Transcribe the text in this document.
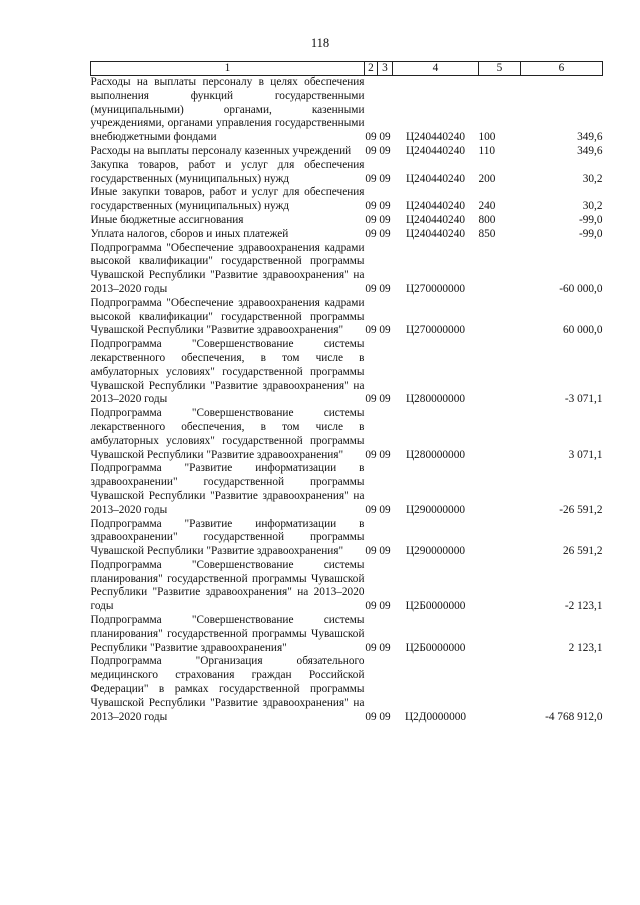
118
1	2	3	4	5	6
Расходы на выплаты персоналу в целях обеспечения выполнения функций государственными (муниципальными) органами, казенными учреждениями, органами управления государственными внебюджетными фондами	09	09	Ц240440240	100	349,6
Расходы на выплаты персоналу казенных учреждений	09	09	Ц240440240	110	349,6
Закупка товаров, работ и услуг для обеспечения государственных (муниципальных) нужд	09	09	Ц240440240	200	30,2
Иные закупки товаров, работ и услуг для обеспечения государственных (муниципальных) нужд	09	09	Ц240440240	240	30,2
Иные бюджетные ассигнования	09	09	Ц240440240	800	-99,0
Уплата налогов, сборов и иных платежей	09	09	Ц240440240	850	-99,0
Подпрограмма "Обеспечение здравоохранения кадрами высокой квалификации" государственной программы Чувашской Республики "Развитие здравоохранения" на 2013–2020 годы	09	09	Ц270000000		-60 000,0
Подпрограмма "Обеспечение здравоохранения кадрами высокой квалификации" государственной программы Чувашской Республики "Развитие здравоохранения"	09	09	Ц270000000		60 000,0
Подпрограмма "Совершенствование системы лекарственного обеспечения, в том числе в амбулаторных условиях" государственной программы Чувашской Республики "Развитие здравоохранения" на 2013–2020 годы	09	09	Ц280000000		-3 071,1
Подпрограмма "Совершенствование системы лекарственного обеспечения, в том числе в амбулаторных условиях" государственной программы Чувашской Республики "Развитие здравоохранения"	09	09	Ц280000000		3 071,1
Подпрограмма "Развитие информатизации в здравоохранении" государственной программы Чувашской Республики "Развитие здравоохранения" на 2013–2020 годы	09	09	Ц290000000		-26 591,2
Подпрограмма "Развитие информатизации в здравоохранении" государственной программы Чувашской Республики "Развитие здравоохранения"	09	09	Ц290000000		26 591,2
Подпрограмма "Совершенствование системы планирования" государственной программы Чувашской Республики "Развитие здравоохранения" на 2013–2020 годы	09	09	Ц2Б0000000		-2 123,1
Подпрограмма "Совершенствование системы планирования" государственной программы Чувашской Республики "Развитие здравоохранения"	09	09	Ц2Б0000000		2 123,1
Подпрограмма "Организация обязательного медицинского страхования граждан Российской Федерации" в рамках государственной программы Чувашской Республики "Развитие здравоохранения" на 2013–2020 годы	09	09	Ц2Д0000000		-4 768 912,0
